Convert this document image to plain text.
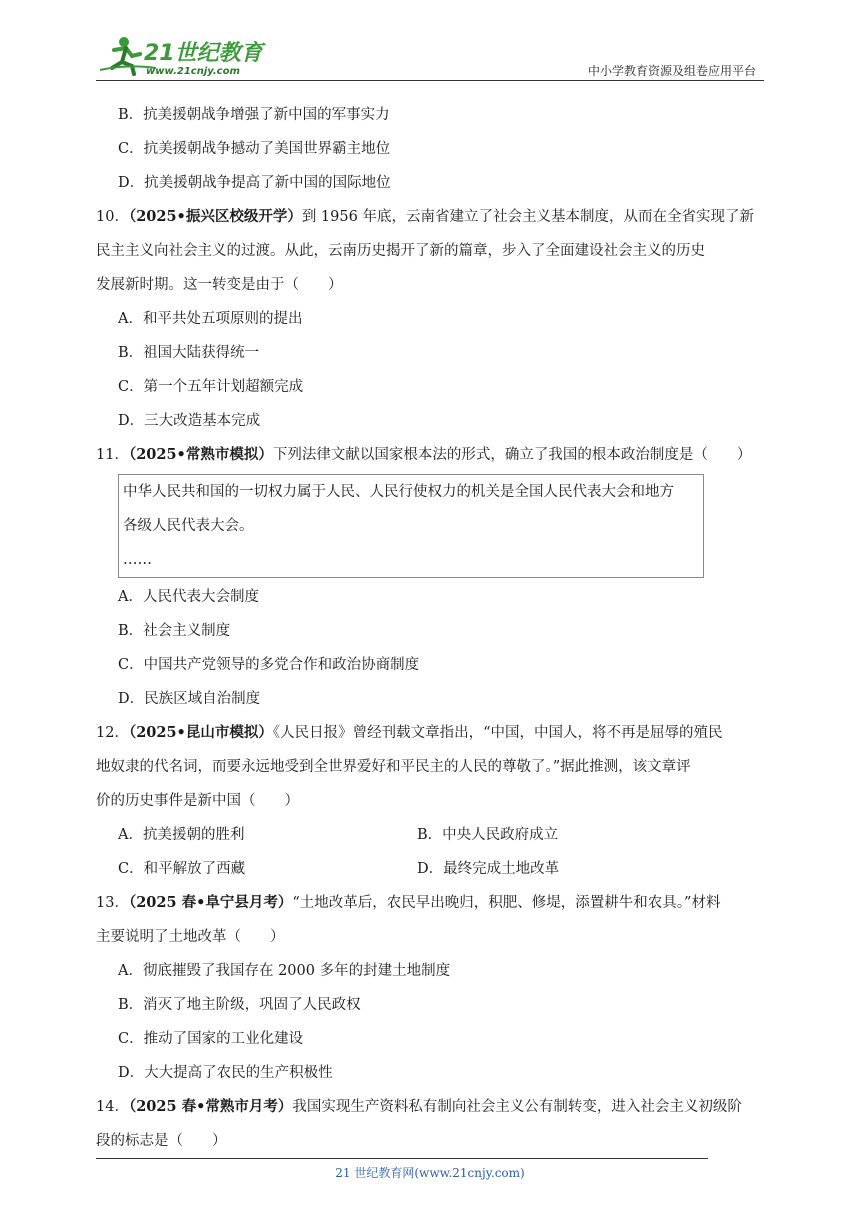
21世纪教育
www.21cnjy.com	中小学教育资源及组卷应用平台
B．抗美援朝战争增强了新中国的军事实力
C．抗美援朝战争撼动了美国世界霸主地位
D．抗美援朝战争提高了新中国的国际地位
10．（2025•振兴区校级开学）到 1956 年底，云南省建立了社会主义基本制度，从而在全省实现了新
民主主义向社会主义的过渡。从此，云南历史揭开了新的篇章，步入了全面建设社会主义的历史
发展新时期。这一转变是由于（　　）
A．和平共处五项原则的提出
B．祖国大陆获得统一
C．第一个五年计划超额完成
D．三大改造基本完成
11．（2025•常熟市模拟）下列法律文献以国家根本法的形式，确立了我国的根本政治制度是（　　）
中华人民共和国的一切权力属于人民、人民行使权力的机关是全国人民代表大会和地方
各级人民代表大会。
……
A．人民代表大会制度
B．社会主义制度
C．中国共产党领导的多党合作和政治协商制度
D．民族区域自治制度
12．（2025•昆山市模拟）《人民日报》曾经刊载文章指出，“中国，中国人，将不再是屈辱的殖民
地奴隶的代名词，而要永远地受到全世界爱好和平民主的人民的尊敬了。”据此推测，该文章评
价的历史事件是新中国（　　）
A．抗美援朝的胜利	B．中央人民政府成立
C．和平解放了西藏	D．最终完成土地改革
13．（2025 春•阜宁县月考）“土地改革后，农民早出晚归，积肥、修堤，添置耕牛和农具。”材料
主要说明了土地改革（　　）
A．彻底摧毁了我国存在 2000 多年的封建土地制度
B．消灭了地主阶级，巩固了人民政权
C．推动了国家的工业化建设
D．大大提高了农民的生产积极性
14．（2025 春•常熟市月考）我国实现生产资料私有制向社会主义公有制转变，进入社会主义初级阶
段的标志是（　　）
21 世纪教育网(www.21cnjy.com)
